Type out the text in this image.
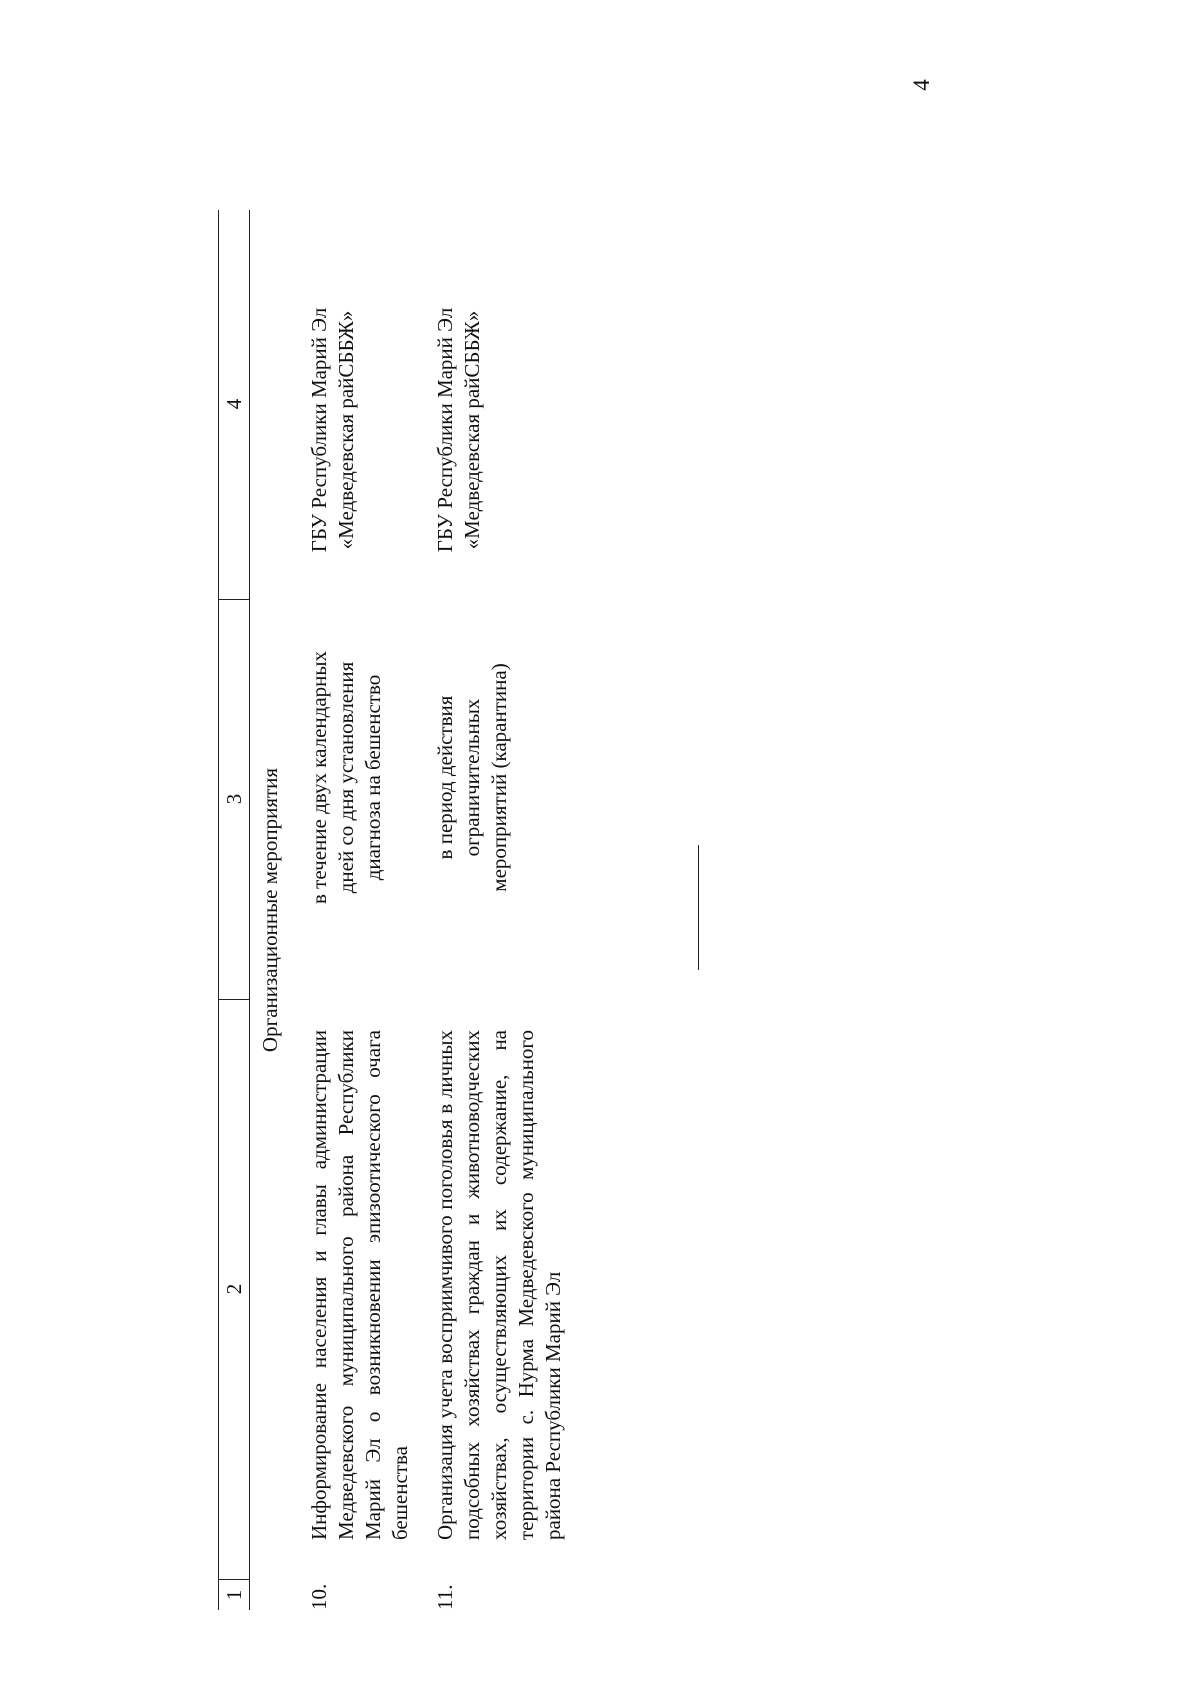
4
1
2
3
4
Организационные мероприятия
10.
Информирование населения и главы администрации Медведевского муниципального района Республики Марий Эл о возникновении эпизоотического очага бешенства
в течение двух календарных дней со дня установления диагноза на бешенство
ГБУ Республики Марий Эл «Медведевская райСББЖ»
11.
Организация учета восприимчивого поголовья в личных подсобных хозяйствах граждан и животноводческих хозяйствах, осуществляющих их содержание, на территории с. Нурма Медведевского муниципального района Республики Марий Эл
в период действия ограничительных мероприятий (карантина)
ГБУ Республики Марий Эл «Медведевская райСББЖ»
